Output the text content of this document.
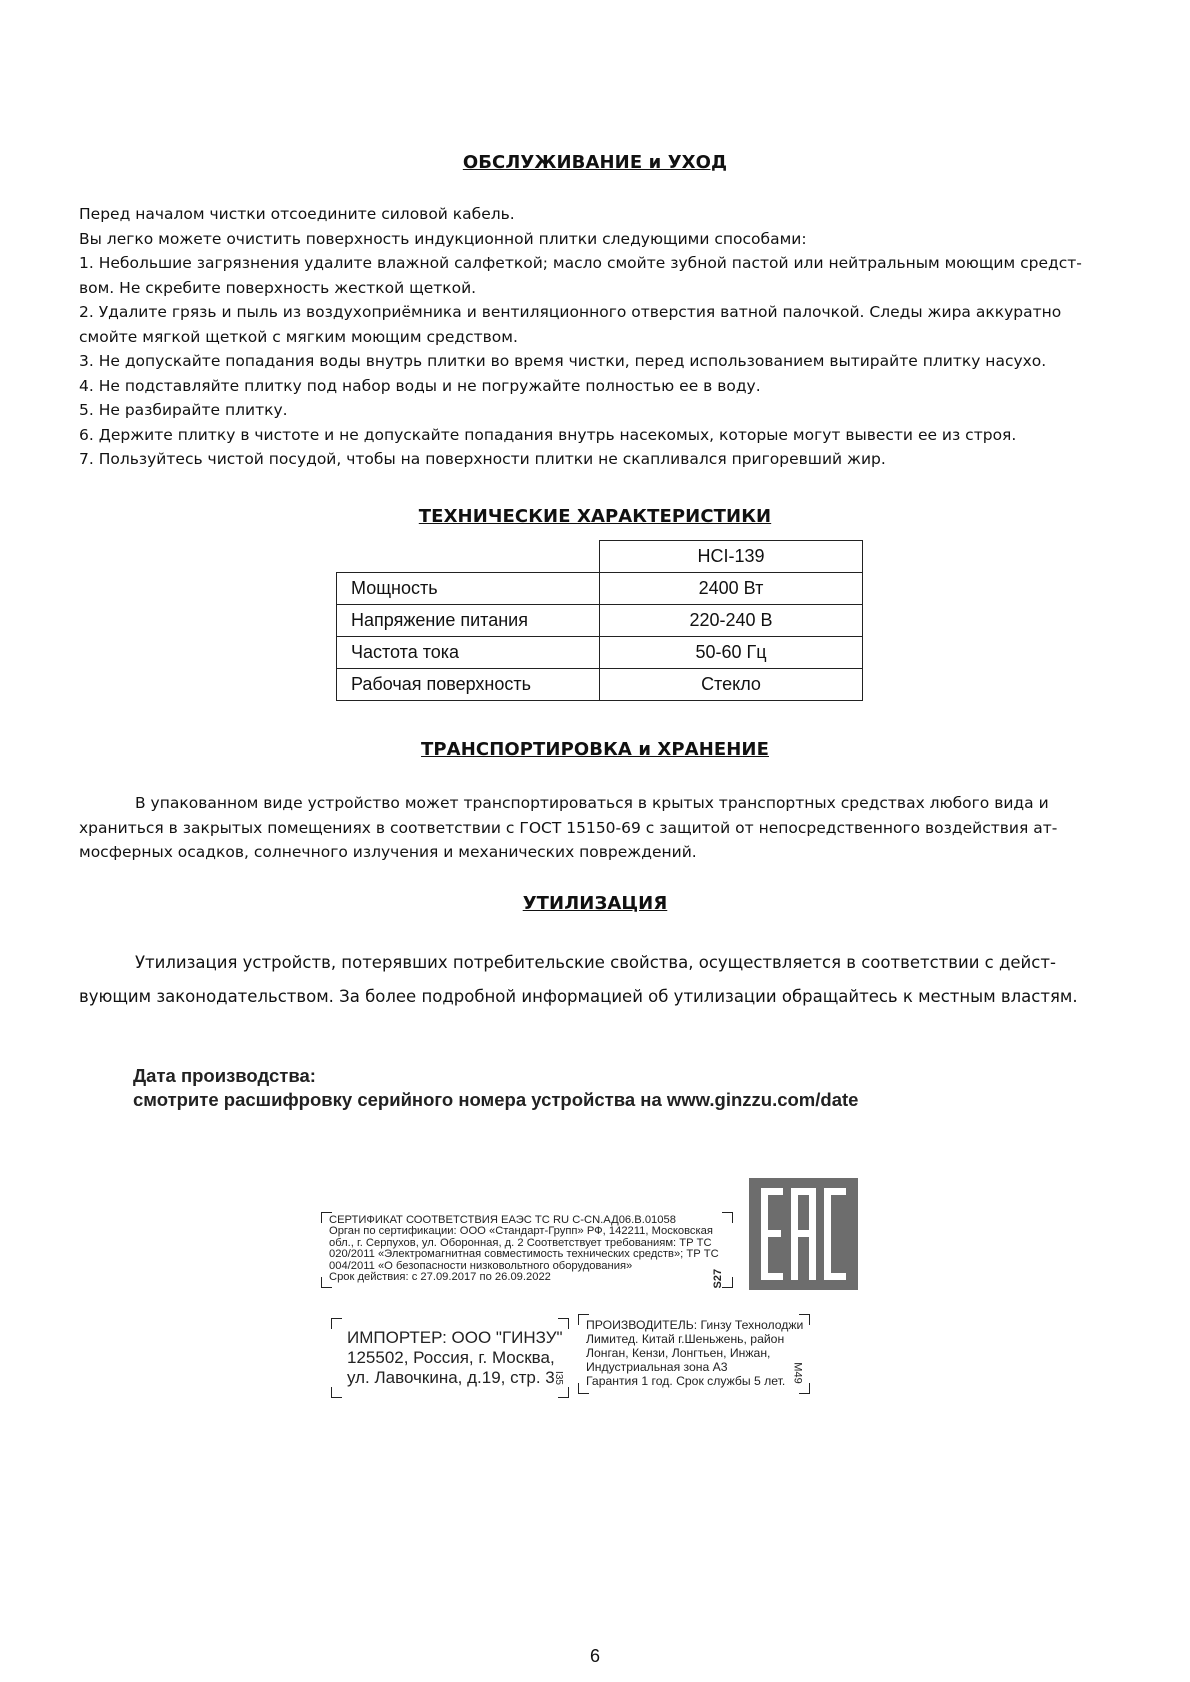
ОБСЛУЖИВАНИЕ и УХОД
Перед началом чистки отсоедините силовой кабель.
Вы легко можете очистить поверхность индукционной плитки следующими способами:
1. Небольшие загрязнения удалите влажной салфеткой; масло смойте зубной пастой или нейтральным моющим средст-
вом. Не скребите поверхность жесткой щеткой.
2. Удалите грязь и пыль из воздухоприёмника и вентиляционного отверстия ватной палочкой. Следы жира аккуратно
смойте мягкой щеткой с мягким моющим средством.
3. Не допускайте попадания воды внутрь плитки во время чистки, перед использованием вытирайте плитку насухо.
4. Не подставляйте плитку под набор воды и не погружайте полностью ее в воду.
5. Не разбирайте плитку.
6. Держите плитку в чистоте и не допускайте попадания внутрь насекомых, которые могут вывести ее из строя.
7. Пользуйтесь чистой посудой, чтобы на поверхности плитки не скапливался пригоревший жир.
ТЕХНИЧЕСКИЕ ХАРАКТЕРИСТИКИ
	HCI-139
Мощность	2400 Вт
Напряжение питания	220-240 В
Частота тока	50-60 Гц
Рабочая поверхность	Стекло
ТРАНСПОРТИРОВКА и ХРАНЕНИЕ
В упакованном виде устройство может транспортироваться в крытых транспортных средствах любого вида и
храниться в закрытых помещениях в соответствии с ГОСТ 15150-69 с защитой от непосредственного воздействия ат-
мосферных осадков, солнечного излучения и механических повреждений.
УТИЛИЗАЦИЯ
Утилизация устройств, потерявших потребительские свойства, осуществляется в соответствии с дейст-
вующим законодательством. За более подробной информацией об утилизации обращайтесь к местным властям.
Дата производства:
смотрите расшифровку серийного номера устройства на www.ginzzu.com/date
СЕРТИФИКАТ СООТВЕТСТВИЯ ЕАЭС ТС RU C-CN.АД06.В.01058
Орган по сертификации: ООО «Стандарт-Групп» РФ, 142211, Московская
обл., г. Серпухов, ул. Оборонная, д. 2 Соответствует требованиям: ТР ТС
020/2011 «Электромагнитная совместимость технических средств»; ТР ТС
004/2011 «О безопасности низковольтного оборудования»
Срок действия: с 27.09.2017 по 26.09.2022	S27
ИМПОРТЕР: ООО "ГИНЗУ"
125502, Россия, г. Москва,
ул. Лавочкина, д.19, стр. 3
I35
ПРОИЗВОДИТЕЛЬ: Гинзу Технолоджи
Лимитед. Китай г.Шеньжень, район
Лонган, Кензи, Лонгтьен, Инжан,
Индустриальная зона А3
Гарантия 1 год. Срок службы 5 лет. M49
6
